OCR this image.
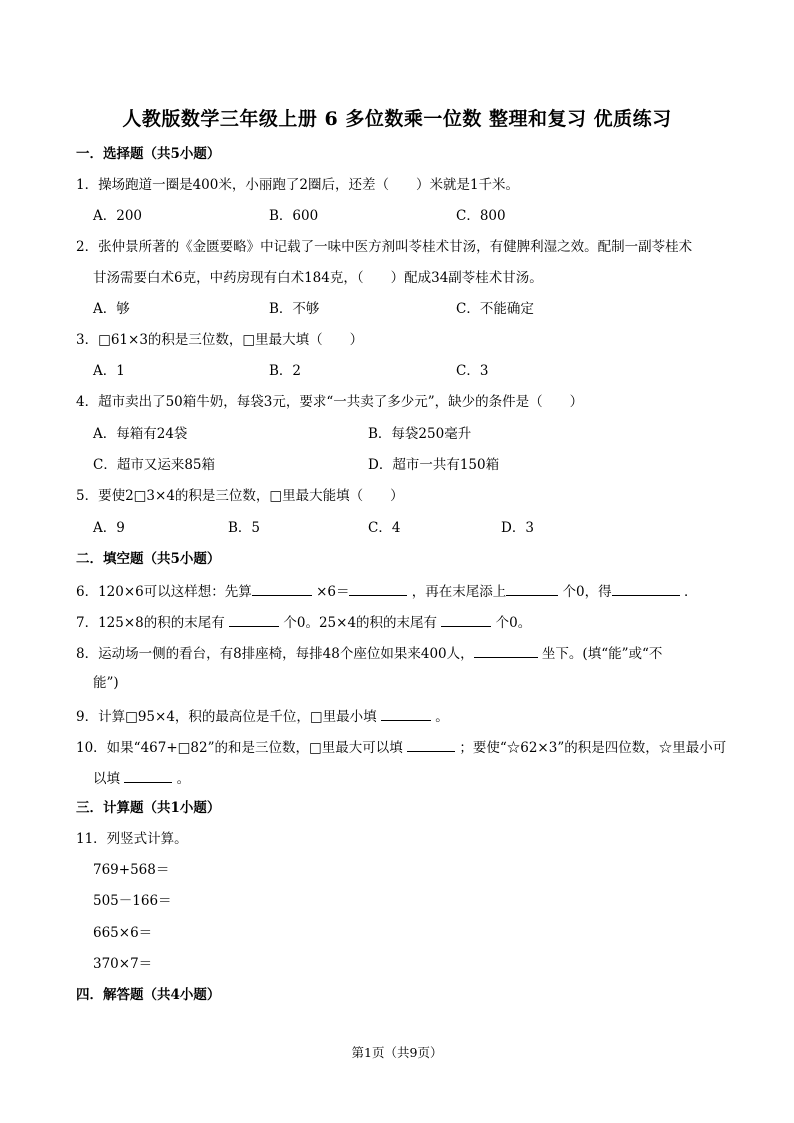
人教版数学三年级上册 6 多位数乘一位数 整理和复习 优质练习
一．选择题（共5小题）
1．操场跑道一圈是400米，小丽跑了2圈后，还差（　　）米就是1千米。
A．200	B．600	C．800
2．张仲景所著的《金匮要略》中记载了一味中医方剂叫苓桂术甘汤，有健脾利湿之效。配制一副苓桂术
甘汤需要白术6克，中药房现有白术184克，（　　）配成34副苓桂术甘汤。
A．够	B．不够	C．不能确定
3．□61×3的积是三位数，□里最大填（　　）
A．1	B．2	C．3
4．超市卖出了50箱牛奶，每袋3元，要求“一共卖了多少元”，缺少的条件是（　　）
A．每箱有24袋	B．每袋250毫升
C．超市又运来85箱	D．超市一共有150箱
5．要使2□3×4的积是三位数，□里最大能填（　　）
A．9	B．5	C．4	D．3
二．填空题（共5小题）
6．120×6可以这样想：先算	×6＝	，再在末尾添上	个0，得	．
7．125×8的积的末尾有	个0。25×4的积的末尾有	个0。
8．运动场一侧的看台，有8排座椅，每排48个座位如果来400人，	坐下。(填“能”或“不
能”)
9．计算□95×4，积的最高位是千位，□里最小填	。
10．如果“467+□82”的和是三位数，□里最大可以填	；要使“☆62×3”的积是四位数，☆里最小可
以填	。
三．计算题（共1小题）
11．列竖式计算。
769+568＝
505－166＝
665×6＝
370×7＝
四．解答题（共4小题）
第1页（共9页）
